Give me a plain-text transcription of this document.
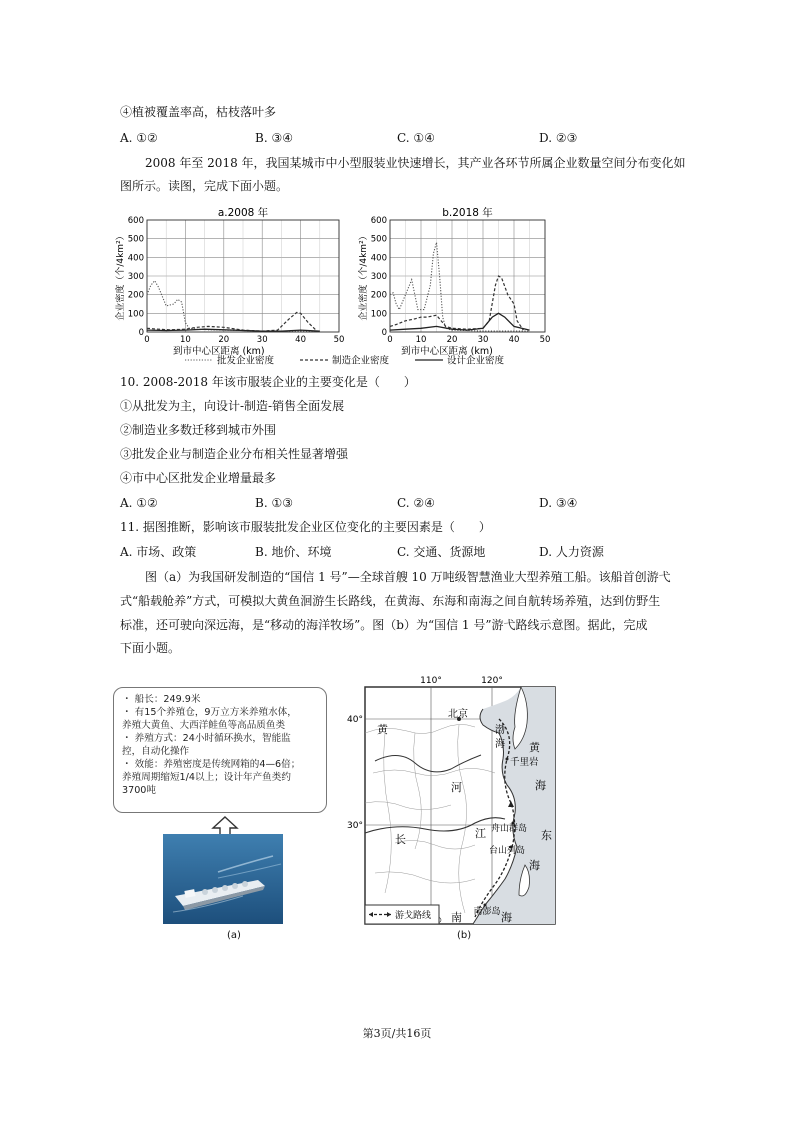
④植被覆盖率高，枯枝落叶多
A. ①②	B. ③④	C. ①④	D. ②③
2008 年至 2018 年，我国某城市中小型服装业快速增长，其产业各环节所属企业数量空间分布变化如
图所示。读图，完成下面小题。
a.2008 年
0
100
200
300
400
500
600
0	10	20	30	40	50
到市中心区距离 (km)
企业密度（个/4km²）
b.2018 年
0
100
200
300
400
500
600
0	10 20 30 40 50
到市中心区距离 (km)
企业密度（个/4km²）
批发企业密度	制造企业密度	设计企业密度
10. 2008-2018 年该市服装企业的主要变化是（　　）
①从批发为主，向设计-制造-销售全面发展
②制造业多数迁移到城市外围
③批发企业与制造企业分布相关性显著增强
④市中心区批发企业增量最多
A. ①②	B. ①③	C. ②④	D. ③④
11. 据图推断，影响该市服装批发企业区位变化的主要因素是（　　）
A. 市场、政策	B. 地价、环境	C. 交通、货源地	D. 人力资源
图（a）为我国研发制造的“国信 1 号”—全球首艘 10 万吨级智慧渔业大型养殖工船。该船首创游弋
式“船载舱养”方式，可模拟大黄鱼洄游生长路线，在黄海、东海和南海之间自航转场养殖，达到仿野生
标准，还可驶向深远海，是“移动的海洋牧场”。图（b）为“国信 1 号”游弋路线示意图。据此，完成
下面小题。
・ 船长：249.9米
・ 有15个养殖仓，9万立方米养殖水体，
养殖大黄鱼、大西洋鲑鱼等高品质鱼类
・ 养殖方式：24小时循环换水，智能监
控，自动化操作
・ 效能：养殖密度是传统网箱的4—6倍；
养殖周期缩短1/4以上；设计年产鱼类约
3700吨
(a)
110°	120°
40°
30°
北京
千里岩
舟山群岛
台山列岛
南澎岛
黄
河
长	江
渤
海 黄
海
东
海
南	海
游戈路线
(b)
第3页/共16页
